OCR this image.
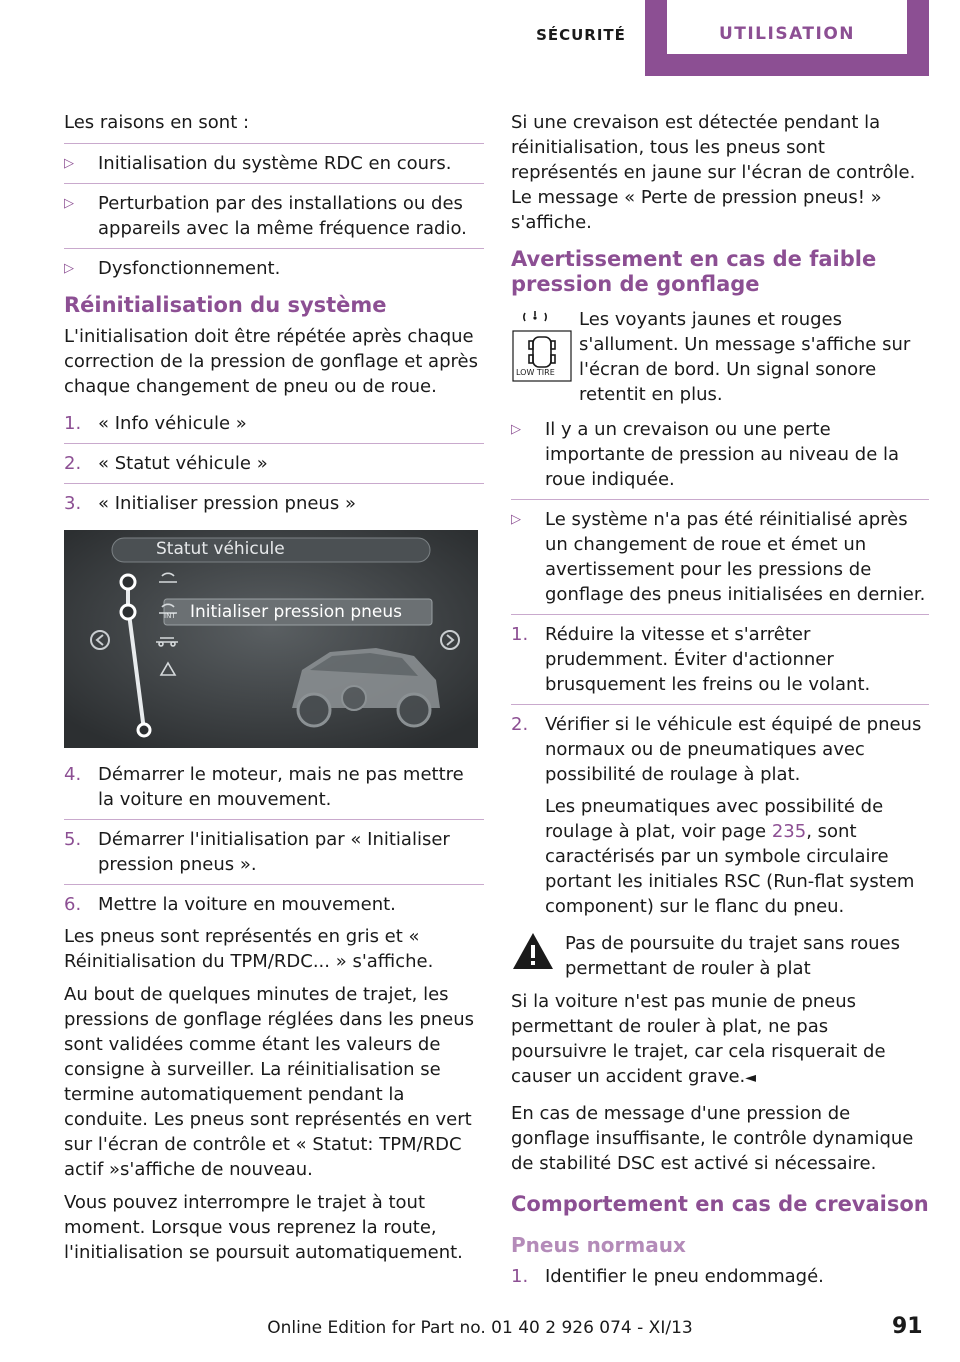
SÉCURITÉ	UTILISATION

Les raisons en sont :

▷	Initialisation du système RDC en cours.
▷	Perturbation par des installations ou des appareils avec la même fréquence radio.
▷	Dysfonctionnement.
Réinitialisation du système

L'initialisation doit être répétée après chaque correction de la pression de gonflage et après chaque changement de pneu ou de roue.

1. « Info véhicule »
2. « Statut véhicule »
3. « Initialiser pression pneus »
Statut véhicule
Initialiser pression pneus
INT
4. Démarrer le moteur, mais ne pas mettre la voiture en mouvement.
5. Démarrer l'initialisation par « Initialiser pression pneus ».
6. Mettre la voiture en mouvement.

Les pneus sont représentés en gris et « Réinitialisation du TPM/RDC... » s'affiche.

Au bout de quelques minutes de trajet, les pressions de gonflage réglées dans les pneus sont validées comme étant les valeurs de consigne à surveiller. La réinitialisation se termine automatiquement pendant la conduite. Les pneus sont représentés en vert sur l'écran de contrôle et « Statut: TPM/RDC actif »s'affiche de nouveau.

Vous pouvez interrompre le trajet à tout moment. Lorsque vous reprenez la route, l'initialisation se poursuit automatiquement.

Si une crevaison est détectée pendant la réinitialisation, tous les pneus sont représentés en jaune sur l'écran de contrôle. Le message « Perte de pression pneus! » s'affiche.

Avertissement en cas de faible pression de gonflage
LOW TIRE

Les voyants jaunes et rouges s'allument. Un message s'affiche sur l'écran de bord. Un signal sonore retentit en plus.

▷	Il y a un crevaison ou une perte importante de pression au niveau de la roue indiquée.
▷	Le système n'a pas été réinitialisé après un changement de roue et émet un avertissement pour les pressions de gonflage des pneus initialisées en dernier.
1. Réduire la vitesse et s'arrêter prudemment. Éviter d'actionner brusquement les freins ou le volant.
2. Vérifier si le véhicule est équipé de pneus normaux ou de pneumatiques avec possibilité de roulage à plat.

Les pneumatiques avec possibilité de roulage à plat, voir page 235, sont caractérisés par un symbole circulaire portant les initiales RSC (Run-flat system component) sur le flanc du pneu.

Pas de poursuite du trajet sans roues permettant de rouler à plat

Si la voiture n'est pas munie de pneus permettant de rouler à plat, ne pas poursuivre le trajet, car cela risquerait de causer un accident grave.◄

En cas de message d'une pression de gonflage insuffisante, le contrôle dynamique de stabilité DSC est activé si nécessaire.

Comportement en cas de crevaison
Pneus normaux
1. Identifier le pneu endommagé.
Online Edition for Part no. 01 40 2 926 074 - XI/13	91
